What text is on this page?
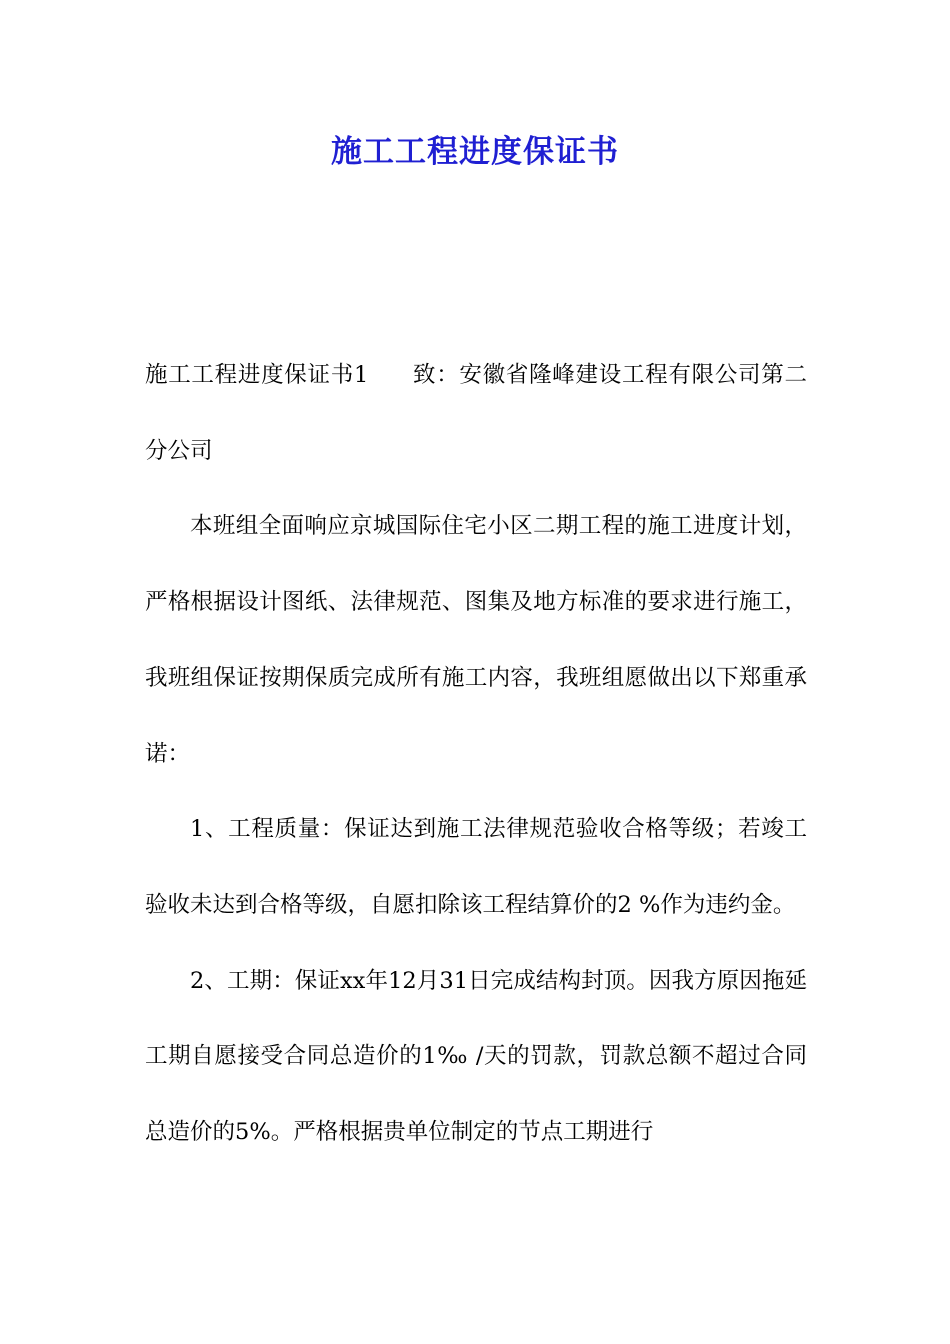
施工工程进度保证书

施工工程进度保证书1 致：安徽省隆峰建设工程有限公司第二分公司

本班组全面响应京城国际住宅小区二期工程的施工进度计划，严格根据设计图纸、法律规范、图集及地方标准的要求进行施工，我班组保证按期保质完成所有施工内容，我班组愿做出以下郑重承诺：

1、工程质量：保证达到施工法律规范验收合格等级；若竣工验收未达到合格等级，自愿扣除该工程结算价的2 %作为违约金。

2、工期：保证xx年12月31日完成结构封顶。因我方原因拖延工期自愿接受合同总造价的1‰ /天的罚款，罚款总额不超过合同总造价的5%。严格根据贵单位制定的节点工期进行
